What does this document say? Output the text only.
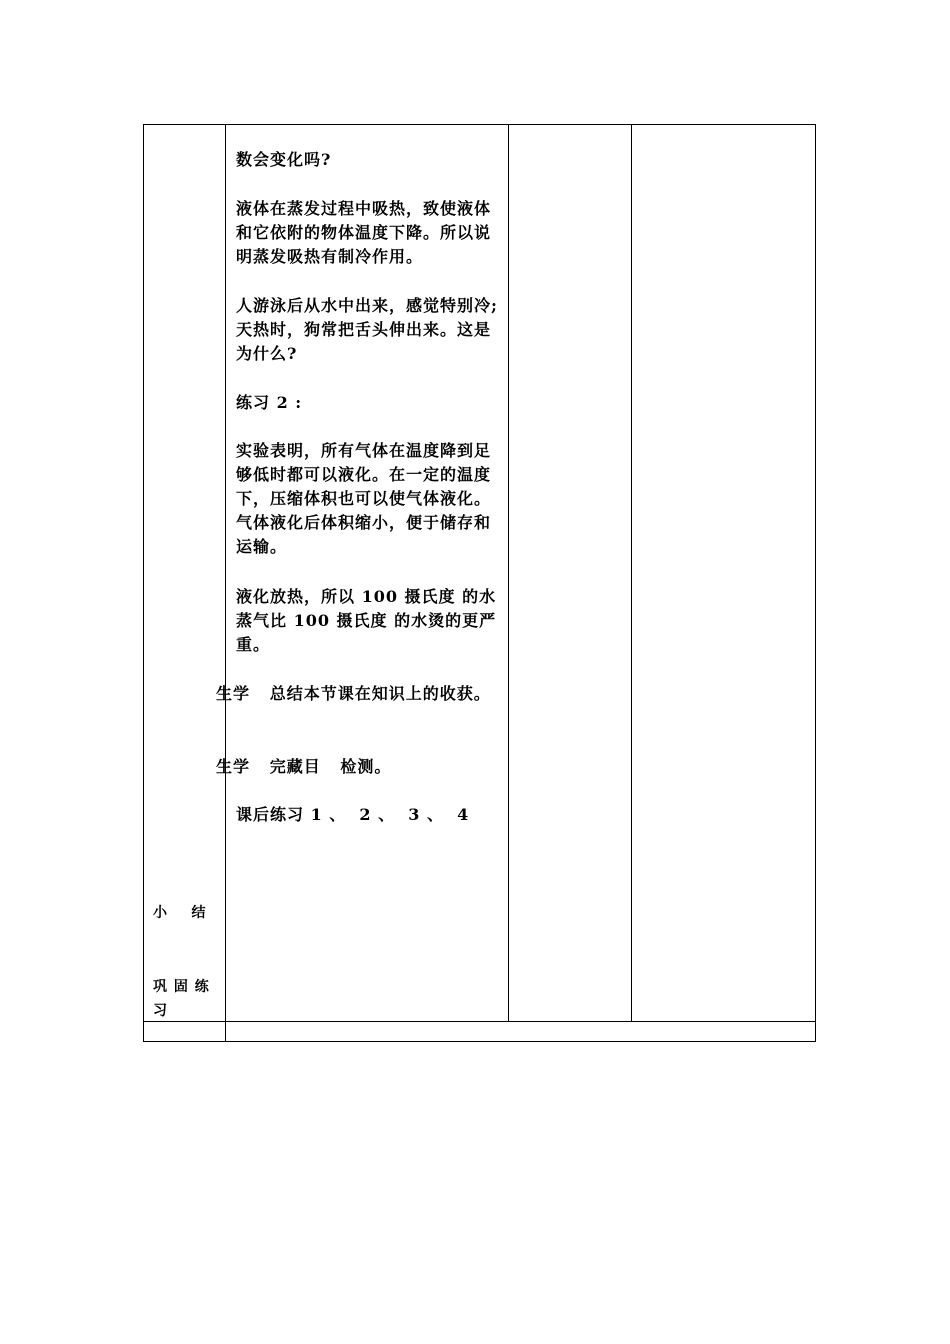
数会变化吗?
液体在蒸发过程中吸热，致使液体和它依附的物体温度下降。所以说明蒸发吸热有制冷作用。
人游泳后从水中出来，感觉特别冷; 天热时，狗常把舌头伸出来。这是为什么?
练习 2 :
实验表明，所有气体在温度降到足够低时都可以液化。在一定的温度下，压缩体积也可以使气体液化。气体液化后体积缩小，便于储存和运输。
液化放热，所以 100 摄氏度 的水蒸气比 100 摄氏度 的水烫的更严重。
生学   总结本节课在知识上的收获。
生学   完藏目   检测。
课后练习 1 、  2 、  3 、  4
小    结
巩 固 练
习
